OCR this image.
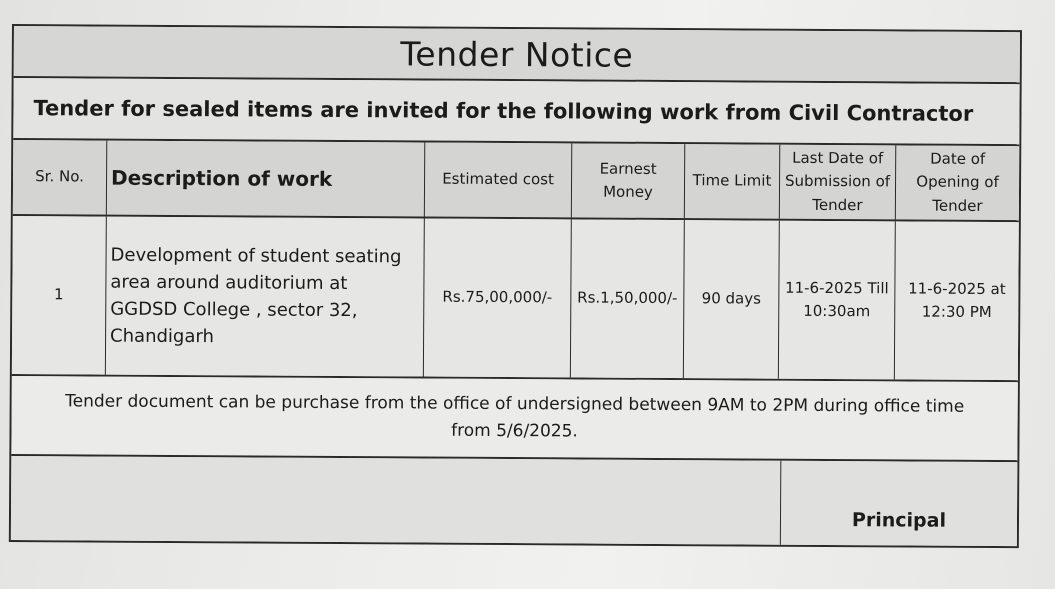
Tender Notice
Tender for sealed items are invited for the following work from Civil Contractor
Sr. No. Description of work	Estimated cost
Earnest Money
Time Limit
Last Date of Submission of Tender
Date of Opening of Tender
1
Development of student seating area around auditorium at GGDSD College , sector 32, Chandigarh
Rs.75,00,000/- Rs.1,50,000/- 90 days
11-6-2025 Till 10:30am
11-6-2025 at 12:30 PM
Tender document can be purchase from the office of undersigned between 9AM to 2PM during office time from 5/6/2025.
Principal
